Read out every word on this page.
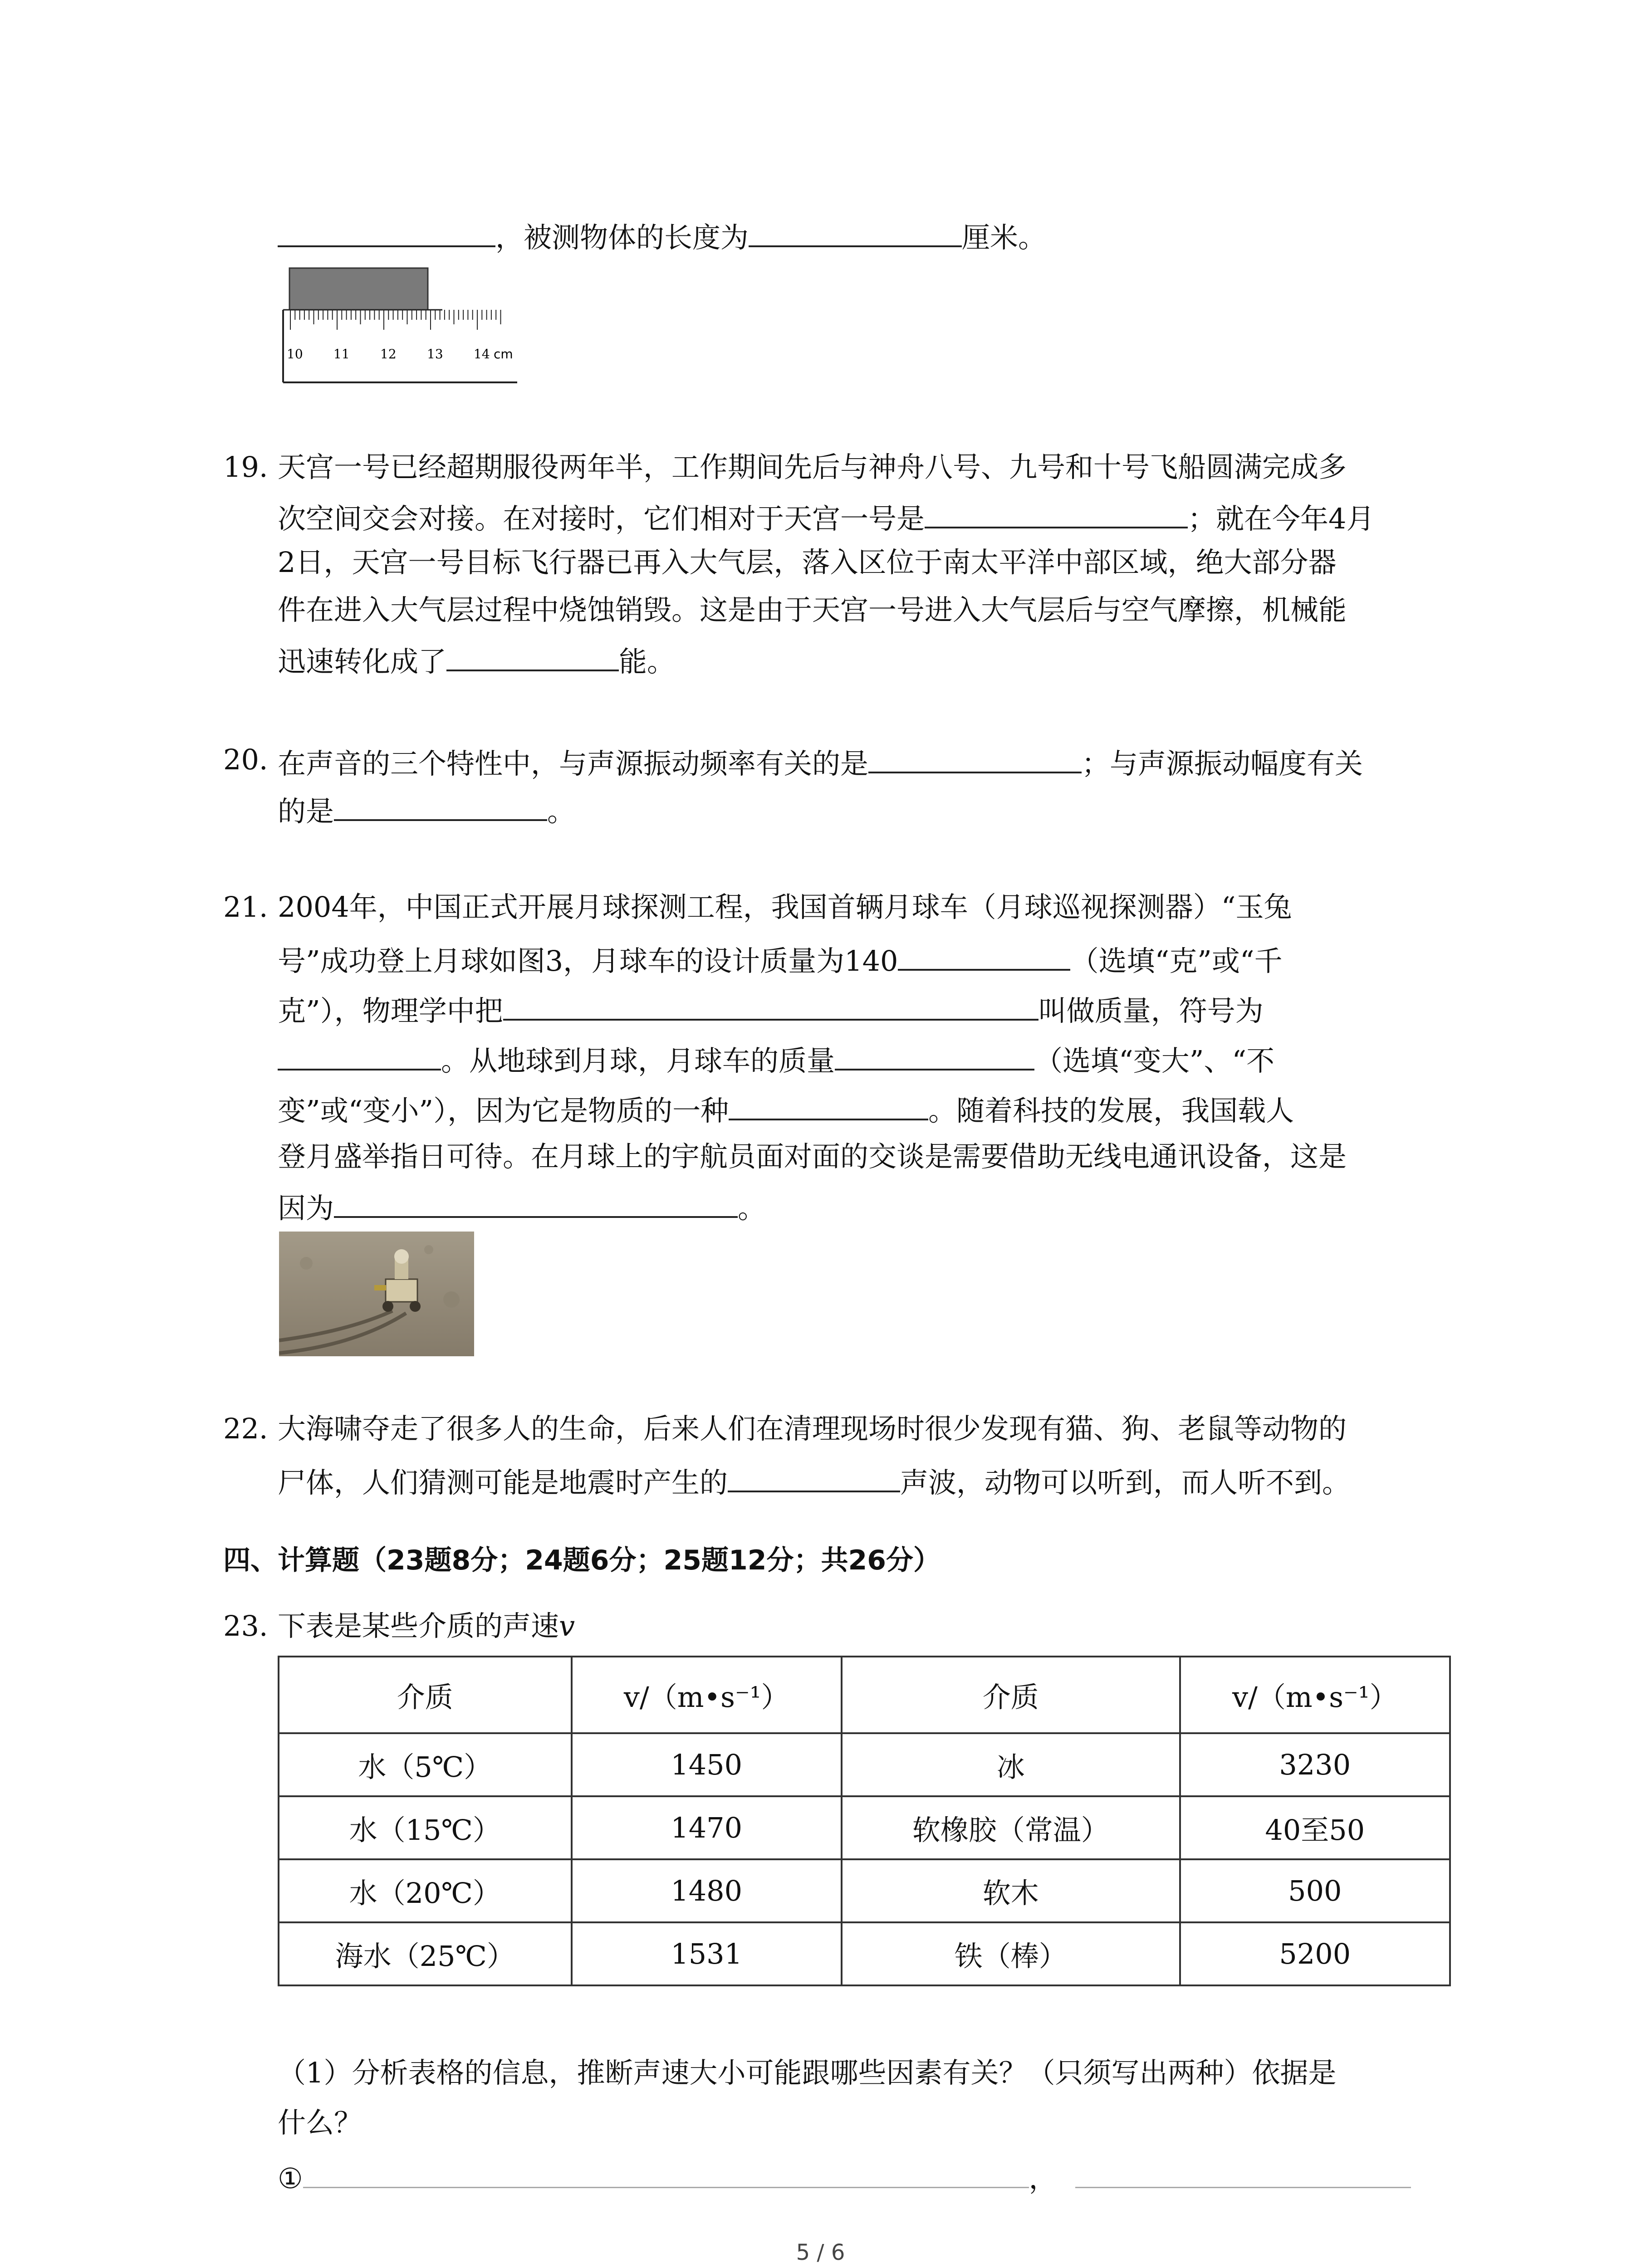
，被测物体的长度为	厘米。
10 11 12 13 14 cm
19. 天宫一号已经超期服役两年半，工作期间先后与神舟八号、九号和十号飞船圆满完成多
次空间交会对接。在对接时，它们相对于天宫一号是	；就在今年4月
2日，天宫一号目标飞行器已再入大气层，落入区位于南太平洋中部区域，绝大部分器
件在进入大气层过程中烧蚀销毁。这是由于天宫一号进入大气层后与空气摩擦，机械能
迅速转化成了	能。
20. 在声音的三个特性中，与声源振动频率有关的是	；与声源振动幅度有关
的是	。
21. 2004年，中国正式开展月球探测工程，我国首辆月球车（月球巡视探测器）“玉兔
号”成功登上月球如图3，月球车的设计质量为140	（选填“克”或“千
克”），物理学中把	叫做质量，符号为
。从地球到月球，月球车的质量	（选填“变大”、“不
变”或“变小”），因为它是物质的一种	。随着科技的发展，我国载人
登月盛举指日可待。在月球上的宇航员面对面的交谈是需要借助无线电通讯设备，这是
因为	。
22. 大海啸夺走了很多人的生命，后来人们在清理现场时很少发现有猫、狗、老鼠等动物的
尸体，人们猜测可能是地震时产生的	声波，动物可以听到，而人听不到。
四、计算题（23题8分；24题6分；25题12分；共26分）
23. 下表是某些介质的声速v
介质	v/（m•s⁻¹）	介质	v/（m•s⁻¹）
水（5℃）	1450	冰	3230
水（15℃）	1470	软橡胶（常温）	40至50
水（20℃）	1480	软木	500
海水（25℃）	1531	铁（棒）	5200
（1）分析表格的信息，推断声速大小可能跟哪些因素有关？（只须写出两种）依据是
什么？
①	，
5 / 6
